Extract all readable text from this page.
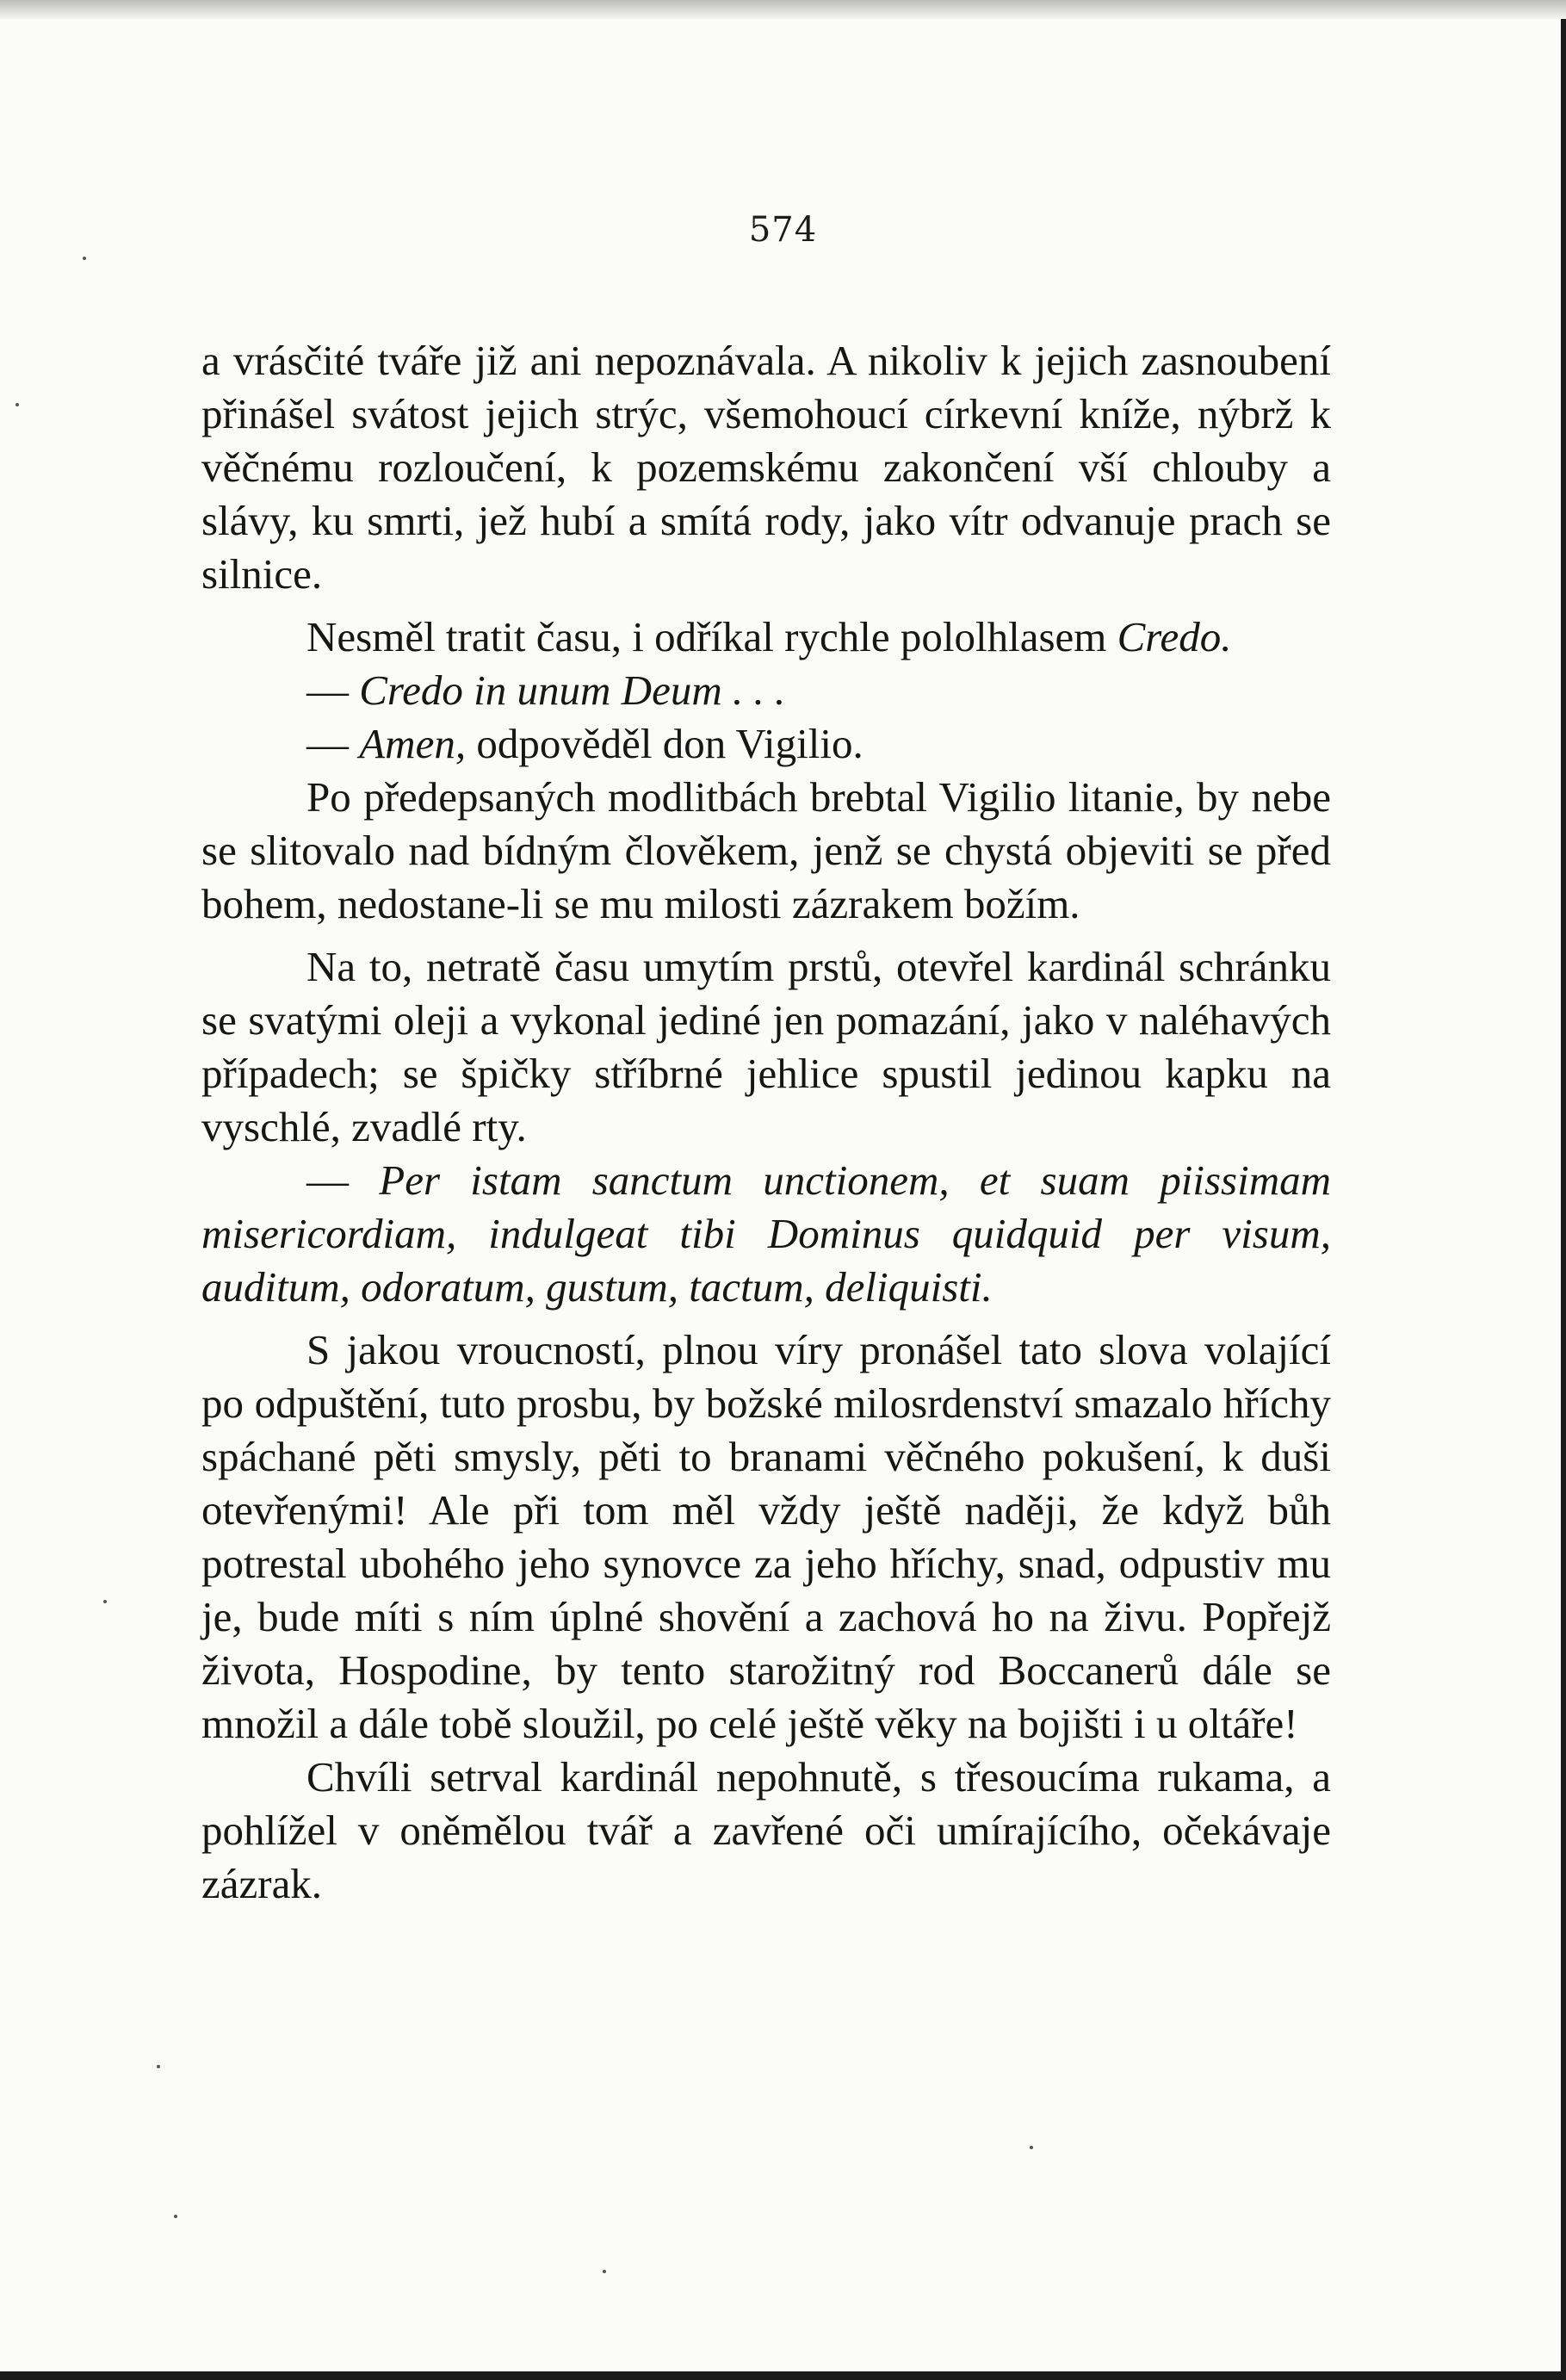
574

a vrásčité tváře již ani nepoznávala. A nikoliv k jejich zasnoubení přinášel svátost jejich strýc, všemohoucí církevní kníže, nýbrž k věčnému rozloučení, k pozemskému zakončení vší chlouby a slávy, ku smrti, jež hubí a smítá rody, jako vítr odvanuje prach se silnice.

Nesměl tratit času, i odříkal rychle pololhlasem Credo.

— Credo in unum Deum . . .

— Amen, odpověděl don Vigilio.

Po předepsaných modlitbách brebtal Vigilio litanie, by nebe se slitovalo nad bídným člověkem, jenž se chystá objeviti se před bohem, nedostane-li se mu milosti zázrakem božím.

Na to, netratě času umytím prstů, otevřel kardinál schránku se svatými oleji a vykonal jediné jen pomazání, jako v naléhavých případech; se špičky stříbrné jehlice spustil jedinou kapku na vyschlé, zvadlé rty.

— Per istam sanctum unctionem, et suam piissimam misericordiam, indulgeat tibi Dominus quidquid per visum, auditum, odoratum, gustum, tactum, deliquisti.

S jakou vroucností, plnou víry pronášel tato slova volající po odpuštění, tuto prosbu, by božské milosrdenství smazalo hříchy spáchané pěti smysly, pěti to branami věčného pokušení, k duši otevřenými! Ale při tom měl vždy ještě naději, že když bůh potrestal ubohého jeho synovce za jeho hříchy, snad, odpustiv mu je, bude míti s ním úplné shovění a zachová ho na živu. Popřejž života, Hospodine, by tento starožitný rod Boccanerů dále se množil a dále tobě sloužil, po celé ještě věky na bojišti i u oltáře!

Chvíli setrval kardinál nepohnutě, s třesoucíma rukama, a pohlížel v oněmělou tvář a zavřené oči umírajícího, očekávaje zázrak.
